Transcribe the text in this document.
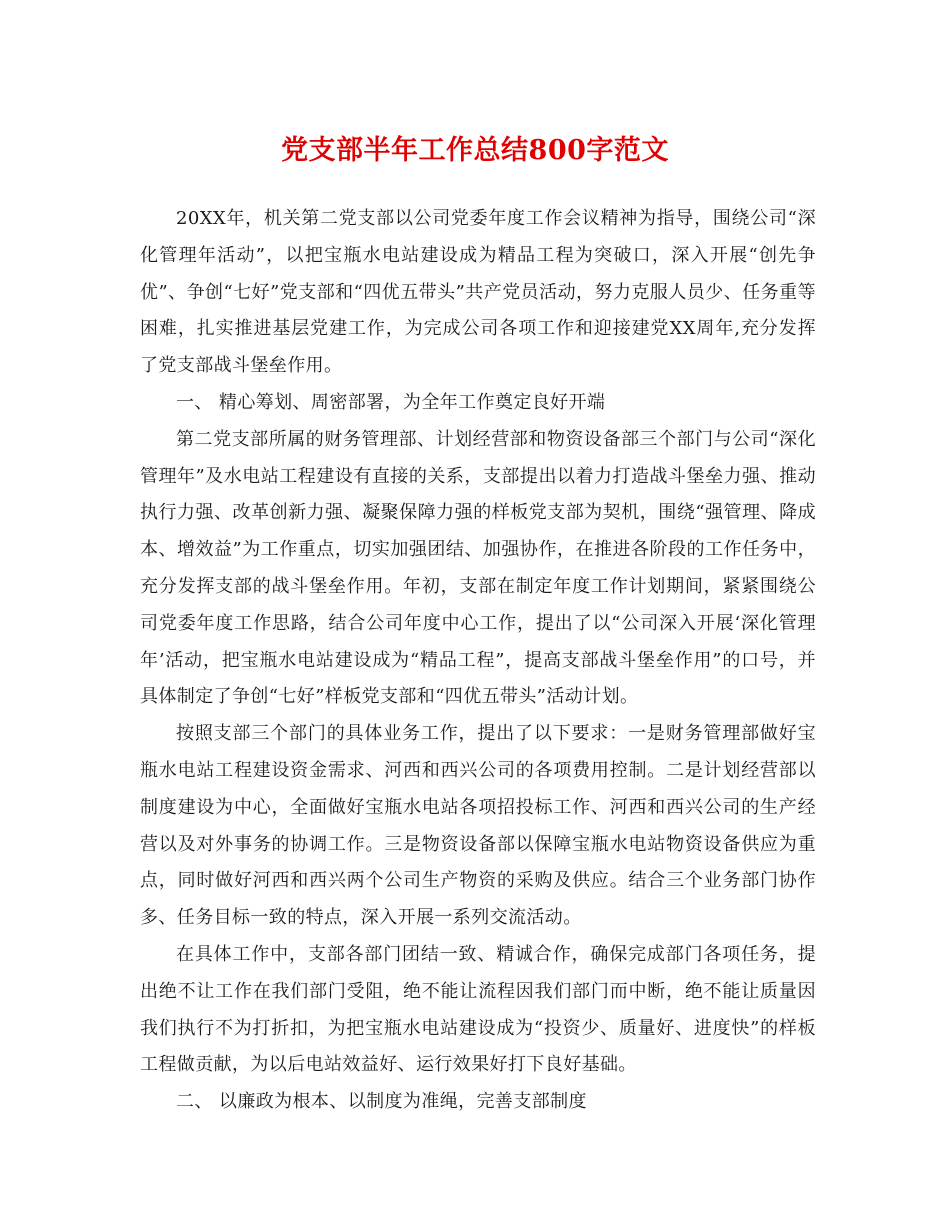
党支部半年工作总结800字范文

20XX年，机关第二党支部以公司党委年度工作会议精神为指导，围绕公司“深化管理年活动”，以把宝瓶水电站建设成为精品工程为突破口，深入开展“创先争优”、争创“七好”党支部和“四优五带头”共产党员活动，努力克服人员少、任务重等困难，扎实推进基层党建工作，为完成公司各项工作和迎接建党XX周年,充分发挥了党支部战斗堡垒作用。

一、 精心筹划、周密部署，为全年工作奠定良好开端

第二党支部所属的财务管理部、计划经营部和物资设备部三个部门与公司“深化管理年”及水电站工程建设有直接的关系，支部提出以着力打造战斗堡垒力强、推动执行力强、改革创新力强、凝聚保障力强的样板党支部为契机，围绕“强管理、降成本、增效益”为工作重点，切实加强团结、加强协作，在推进各阶段的工作任务中，充分发挥支部的战斗堡垒作用。年初，支部在制定年度工作计划期间，紧紧围绕公司党委年度工作思路，结合公司年度中心工作，提出了以“公司深入开展‘深化管理年’活动，把宝瓶水电站建设成为“精品工程”，提高支部战斗堡垒作用”的口号，并具体制定了争创“七好”样板党支部和“四优五带头”活动计划。

按照支部三个部门的具体业务工作，提出了以下要求：一是财务管理部做好宝瓶水电站工程建设资金需求、河西和西兴公司的各项费用控制。二是计划经营部以制度建设为中心，全面做好宝瓶水电站各项招投标工作、河西和西兴公司的生产经营以及对外事务的协调工作。三是物资设备部以保障宝瓶水电站物资设备供应为重点，同时做好河西和西兴两个公司生产物资的采购及供应。结合三个业务部门协作多、任务目标一致的特点，深入开展一系列交流活动。

在具体工作中，支部各部门团结一致、精诚合作，确保完成部门各项任务，提出绝不让工作在我们部门受阻，绝不能让流程因我们部门而中断，绝不能让质量因我们执行不为打折扣，为把宝瓶水电站建设成为“投资少、质量好、进度快”的样板工程做贡献，为以后电站效益好、运行效果好打下良好基础。

二、 以廉政为根本、以制度为准绳，完善支部制度
